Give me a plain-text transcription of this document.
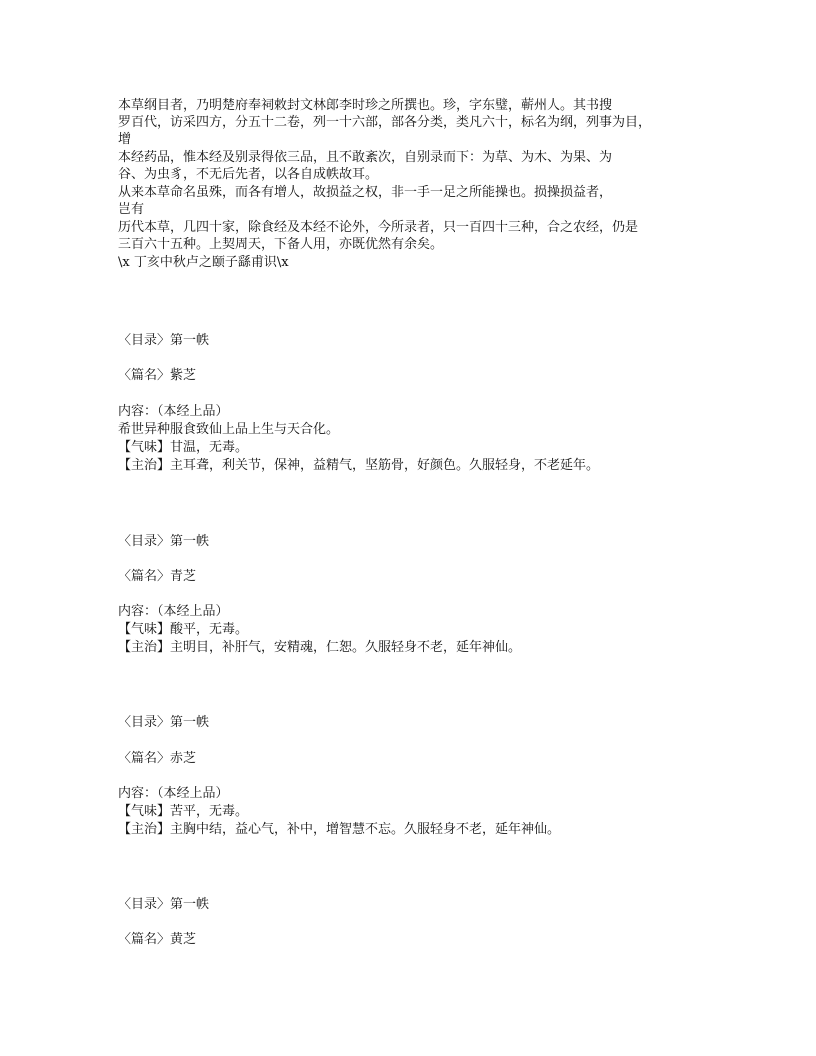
本草纲目者，乃明楚府奉祠敕封文林郎李时珍之所撰也。珍，字东璧，蕲州人。其书搜
罗百代，访采四方，分五十二卷，列一十六部，部各分类，类凡六十，标名为纲，列事为目，
增
本经药品，惟本经及别录得依三品，且不敢紊次，自别录而下：为草、为木、为果、为
谷、为虫豸，不无后先者，以各自成帙故耳。
从来本草命名虽殊，而各有增人，故损益之权，非一手一足之所能操也。损操损益者，
岂有
历代本草，几四十家，除食经及本经不论外，今所录者，只一百四十三种，合之农经，仍是
三百六十五种。上契周天，下备人用，亦既优然有余矣。
\x 丁亥中秋卢之颐子繇甫识\x
〈目录〉第一帙
〈篇名〉紫芝
内容：（本经上品）
希世异种服食致仙上品上生与天合化。
【气味】甘温，无毒。
【主治】主耳聋，利关节，保神，益精气，坚筋骨，好颜色。久服轻身，不老延年。
〈目录〉第一帙
〈篇名〉青芝
内容：（本经上品）
【气味】酸平，无毒。
【主治】主明目，补肝气，安精魂，仁恕。久服轻身不老，延年神仙。
〈目录〉第一帙
〈篇名〉赤芝
内容：（本经上品）
【气味】苦平，无毒。
【主治】主胸中结，益心气，补中，增智慧不忘。久服轻身不老，延年神仙。
〈目录〉第一帙
〈篇名〉黄芝
